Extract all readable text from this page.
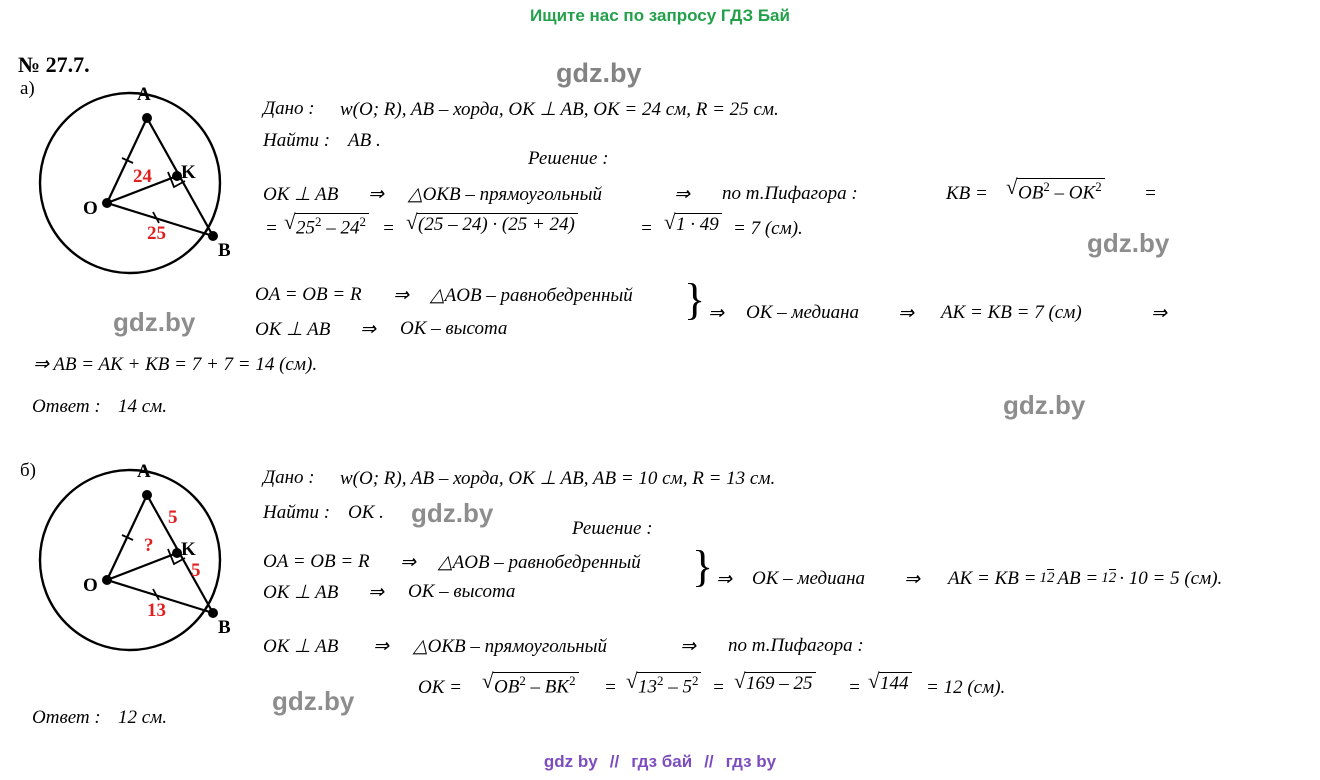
Ищите нас по запросу ГДЗ Бай
№ 27.7.	gdz.by
gdz.by
gdz.by
gdz.by
gdz.by
gdz.by
а)	A
B
O
K
24
25
Дано : w(O; R), AB – хорда, OK ⊥ AB, OK = 24 см, R = 25 см.
Найти : AB .
Решение :
OK ⊥ AB ⇒ △OKB – прямоугольный	⇒ по т.Пифагора :	KB =	√ $OB^2 - OK^2$ =
= √ $25^2 - 24^2$ =	√ (25 – 24) · (25 + 24)	=	√ 1 · 49 = 7 (см).
OA = OB = R ⇒ △AOB – равнобедренный
OK ⊥ AB ⇒ OK – высота
} ⇒ OK – медиана ⇒ AK = KB = 7 (см)	⇒
⇒ AB = AK + KB = 7 + 7 = 14 (см).
Ответ : 14 см.
б)	A
B
O
K
5
5
?
13
Дано : w(O; R), AB – хорда, OK ⊥ AB, AB = 10 см, R = 13 см.
Найти : OK .
Решение :
OA = OB = R ⇒ △AOB – равнобедренный
OK ⊥ AB ⇒ OK – высота
} ⇒ OK – медиана ⇒ AK = KB = 12 AB = 12 · 10 = 5 (см).
OK ⊥ AB ⇒ △OKB – прямоугольный	⇒ по т.Пифагора :
OK =	√ $OB^2 - BK^2$ =	√ $13^2 - 5^2$ =	√ 169 – 25 =	√ 144 = 12 (см).
Ответ : 12 см.
gdz by // гдз бай // гдз by
